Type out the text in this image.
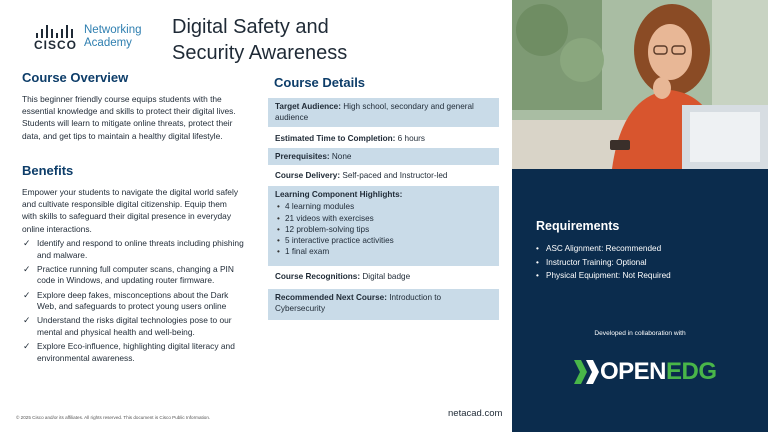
CISCO
Networking
Academy
Digital Safety and
Security Awareness
Course Overview

This beginner friendly course equips students with the essential knowledge and skills to protect their digital lives. Students will learn to mitigate online threats, protect their data, and get tips to maintain a healthy digital lifestyle.

Benefits

Empower your students to navigate the digital world safely and cultivate responsible digital citizenship. Equip them with skills to safeguard their digital presence in everyday online interactions.

✓ Identify and respond to online threats including phishing and malware.
✓ Practice running full computer scans, changing a PIN code in Windows, and updating router firmware.
✓ Explore deep fakes, misconceptions about the Dark Web, and safeguards to protect young users online
✓ Understand the risks digital technologies pose to our mental and physical health and well-being.
✓ Explore Eco-influence, highlighting digital literacy and environmental awareness.
© 2025 Cisco and/or its affiliates. All rights reserved. This document is Cisco Public Information.	netacad.com
Course Details
Target Audience: High school, secondary and general audience
Estimated Time to Completion: 6 hours
Prerequisites: None
Course Delivery: Self-paced and Instructor-led
Learning Component Highlights:
• 4 learning modules
• 21 videos with exercises
• 12 problem-solving tips
• 5 interactive practice activities
• 1 final exam
Course Recognitions: Digital badge
Recommended Next Course: Introduction to Cybersecurity
Requirements
• ASC Alignment: Recommended
• Instructor Training: Optional
• Physical Equipment: Not Required
Developed in collaboration with
OPENEDG
